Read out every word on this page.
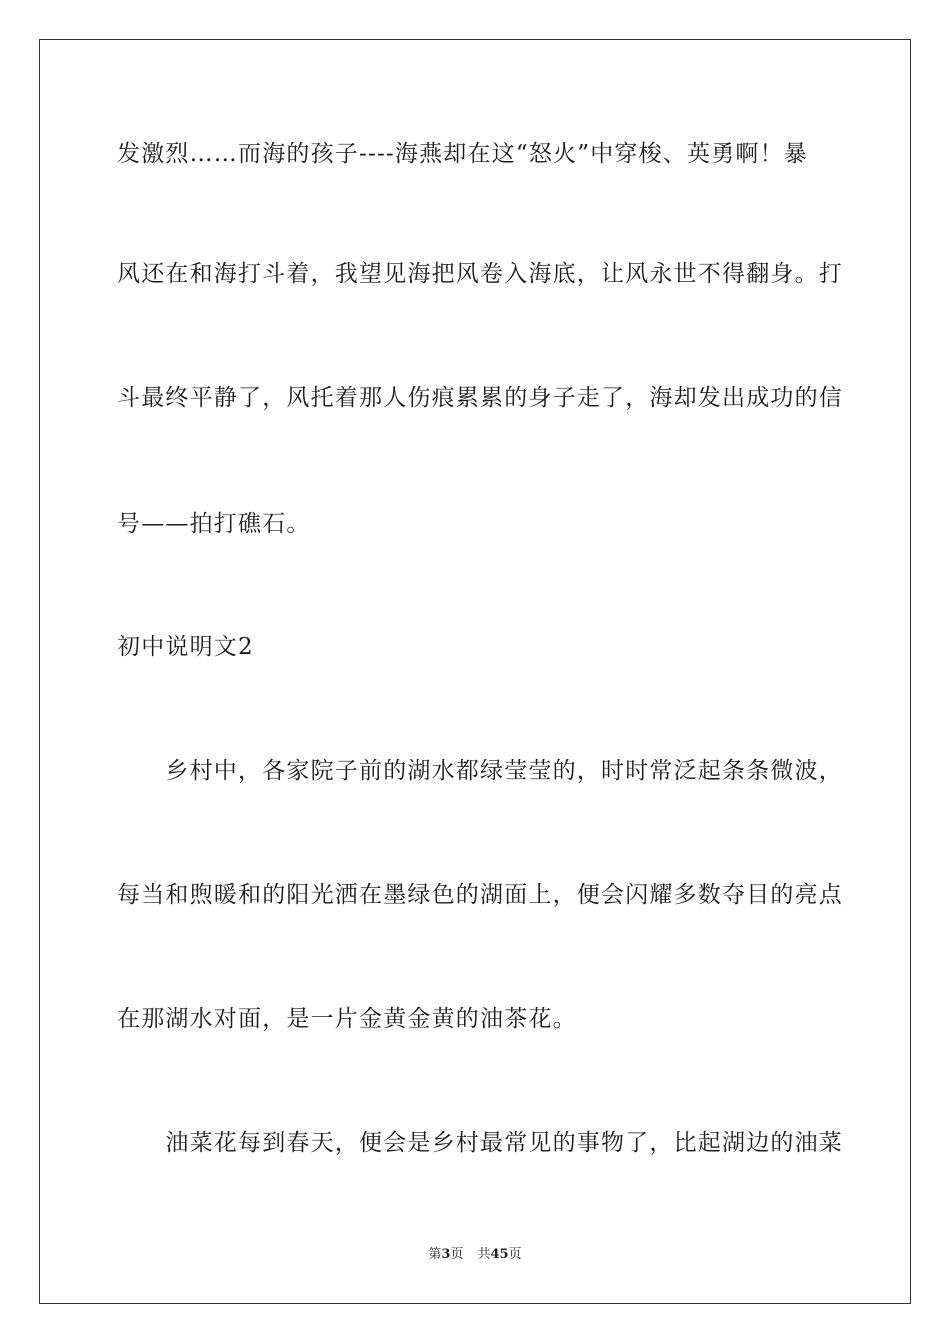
发激烈……而海的孩子----海燕却在这“怒火”中穿梭、英勇啊！暴
风还在和海打斗着，我望见海把风卷入海底，让风永世不得翻身。打
斗最终平静了，风托着那人伤痕累累的身子走了，海却发出成功的信
号——拍打礁石。
初中说明文2
　　乡村中，各家院子前的湖水都绿莹莹的，时时常泛起条条微波，
每当和煦暖和的阳光洒在墨绿色的湖面上，便会闪耀多数夺目的亮点
在那湖水对面，是一片金黄金黄的油茶花。
　　油菜花每到春天，便会是乡村最常见的事物了，比起湖边的油菜
第3页 共45页
